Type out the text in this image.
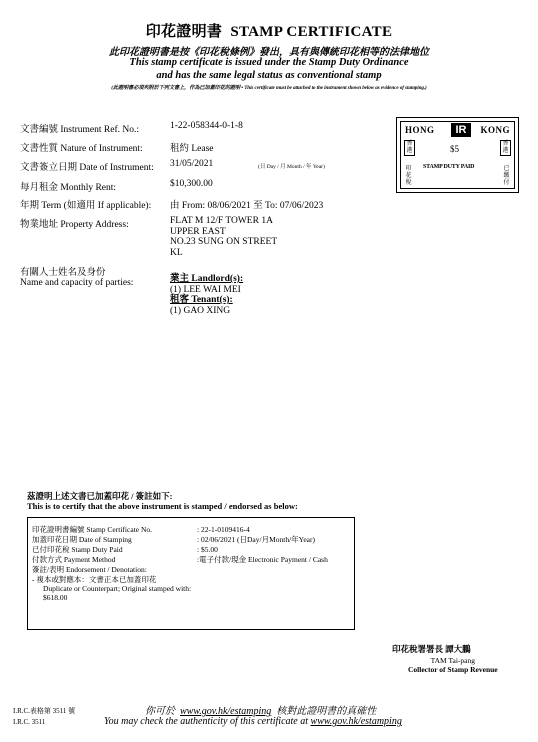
印花證明書 STAMP CERTIFICATE
此印花證明書是按《印花稅條例》發出，具有與傳統印花相等的法律地位
This stamp certificate is issued under the Stamp Duty Ordinance
and has the same legal status as conventional stamp
(此證明書必須夾附於下列文書上，作為已加蓋印花的證明 • This certificate must be attached to the instrument shown below as evidence of stamping.)
文書編號 Instrument Ref. No.:	1-22-058344-0-1-8
文書性質 Nature of Instrument:	租約 Lease
文書簽立日期 Date of Instrument: 31/05/2021	(日 Day / 月 Month / 年 Year)
每月租金 Monthly Rent:	$10,300.00
年期 Term (如適用 If applicable): 由 From: 08/06/2021 至 To: 07/06/2023
物業地址 Property Address:	FLAT M 12/F TOWER 1A
UPPER EAST
NO.23 SUNG ON STREET
KL
有關人士姓名及身份
Name and capacity of parties:	業主 Landlord(s):
(1) LEE WAI MEI
租客 Tenant(s):
(1) GAO XING
HONG	IR	KONG
香港
香港
$5
STAMP DUTY PAID
印花稅
已繳付
茲證明上述文書已加蓋印花 / 簽註如下:
This is to certify that the above instrument is stamped / endorsed as below:
印花證明書編號 Stamp Certificate No.	: 22-1-0109416-4
加蓋印花日期 Date of Stamping	: 02/06/2021 (日Day/月Month/年Year)
已付印花稅 Stamp Duty Paid	: $5.00
付款方式 Payment Method	:電子付款/現金 Electronic Payment / Cash
簽註/表明 Endorsement / Denotation:
- 複本或對應本：文書正本已加蓋印花
Duplicate or Counterpart; Original stamped with:
$618.00
印花稅署署長 譚大鵬
TAM Tai-pang
Collector of Stamp Revenue
I.R.C.表格第 3511 號
I.R.C. 3511
你可於 www.gov.hk/estamping 核對此證明書的真確性
You may check the authenticity of this certificate at www.gov.hk/estamping
